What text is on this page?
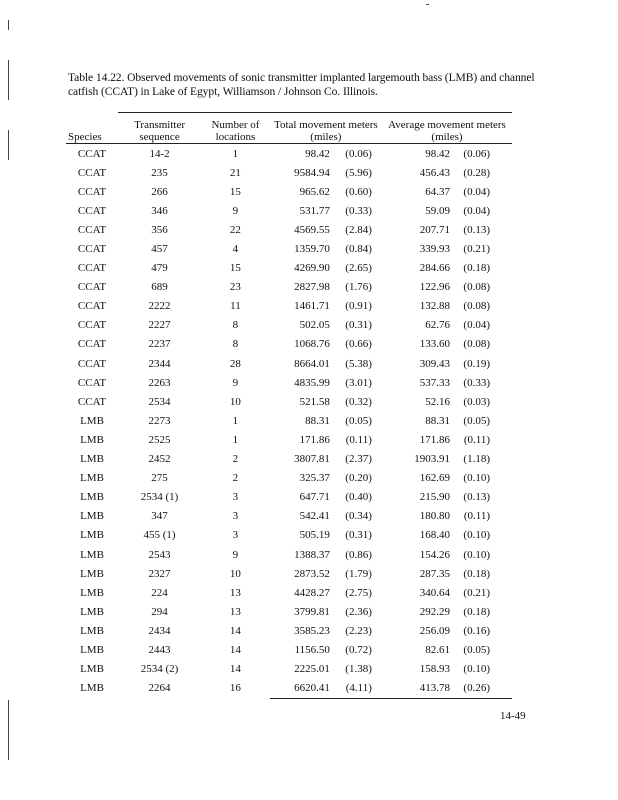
Table 14.22. Observed movements of sonic transmitter implanted largemouth bass (LMB) and channel catfish (CCAT) in Lake of Egypt, Williamson / Johnson Co. Illinois.
Species	Transmitter sequence	Number of locations	Total movement meters (miles)	Average movement meters (miles)
CCAT	14-2	1	98.42 (0.06)	98.42 (0.06)
CCAT	235	21	9584.94 (5.96)	456.43 (0.28)
CCAT	266	15	965.62 (0.60)	64.37 (0.04)
CCAT	346	9	531.77 (0.33)	59.09 (0.04)
CCAT	356	22	4569.55 (2.84)	207.71 (0.13)
CCAT	457	4	1359.70 (0.84)	339.93 (0.21)
CCAT	479	15	4269.90 (2.65)	284.66 (0.18)
CCAT	689	23	2827.98 (1.76)	122.96 (0.08)
CCAT	2222	11	1461.71 (0.91)	132.88 (0.08)
CCAT	2227	8	502.05 (0.31)	62.76 (0.04)
CCAT	2237	8	1068.76 (0.66)	133.60 (0.08)
CCAT	2344	28	8664.01 (5.38)	309.43 (0.19)
CCAT	2263	9	4835.99 (3.01)	537.33 (0.33)
CCAT	2534	10	521.58 (0.32)	52.16 (0.03)
LMB	2273	1	88.31 (0.05)	88.31 (0.05)
LMB	2525	1	171.86 (0.11)	171.86 (0.11)
LMB	2452	2	3807.81 (2.37)	1903.91 (1.18)
LMB	275	2	325.37 (0.20)	162.69 (0.10)
LMB	2534 (1)	3	647.71 (0.40)	215.90 (0.13)
LMB	347	3	542.41 (0.34)	180.80 (0.11)
LMB	455 (1)	3	505.19 (0.31)	168.40 (0.10)
LMB	2543	9	1388.37 (0.86)	154.26 (0.10)
LMB	2327	10	2873.52 (1.79)	287.35 (0.18)
LMB	224	13	4428.27 (2.75)	340.64 (0.21)
LMB	294	13	3799.81 (2.36)	292.29 (0.18)
LMB	2434	14	3585.23 (2.23)	256.09 (0.16)
LMB	2443	14	1156.50 (0.72)	82.61 (0.05)
LMB	2534 (2)	14	2225.01 (1.38)	158.93 (0.10)
LMB	2264	16	6620.41 (4.11)	413.78 (0.26)
14-49
